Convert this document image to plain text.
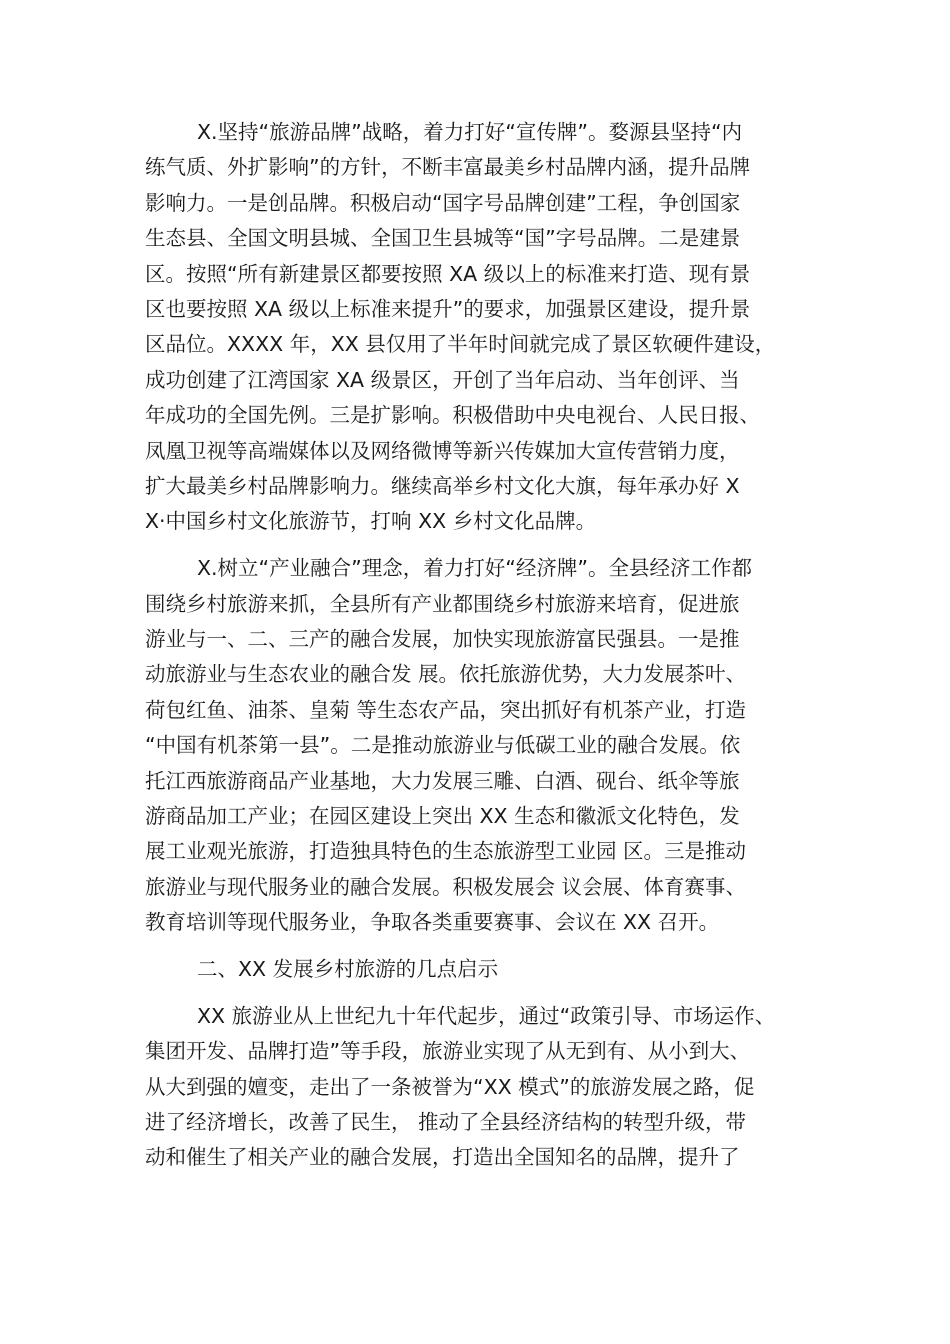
X.坚持“旅游品牌”战略，着力打好“宣传牌”。婺源县坚持“内
练气质、外扩影响”的方针，不断丰富最美乡村品牌内涵，提升品牌
影响力。一是创品牌。积极启动“国字号品牌创建”工程，争创国家
生态县、全国文明县城、全国卫生县城等“国”字号品牌。二是建景
区。按照“所有新建景区都要按照 XA 级以上的标准来打造、现有景
区也要按照 XA 级以上标准来提升”的要求，加强景区建设，提升景
区品位。XXXX 年，XX 县仅用了半年时间就完成了景区软硬件建设，
成功创建了江湾国家 XA 级景区，开创了当年启动、当年创评、当
年成功的全国先例。三是扩影响。积极借助中央电视台、人民日报、
凤凰卫视等高端媒体以及网络微博等新兴传媒加大宣传营销力度，
扩大最美乡村品牌影响力。继续高举乡村文化大旗，每年承办好 X
X·中国乡村文化旅游节，打响 XX 乡村文化品牌。

X.树立“产业融合”理念，着力打好“经济牌”。全县经济工作都
围绕乡村旅游来抓，全县所有产业都围绕乡村旅游来培育，促进旅
游业与一、二、三产的融合发展，加快实现旅游富民强县。一是推
动旅游业与生态农业的融合发 展。依托旅游优势，大力发展茶叶、
荷包红鱼、油茶、皇菊 等生态农产品，突出抓好有机茶产业，打造
“中国有机茶第一县”。二是推动旅游业与低碳工业的融合发展。依
托江西旅游商品产业基地，大力发展三雕、白酒、砚台、纸伞等旅
游商品加工产业；在园区建设上突出 XX 生态和徽派文化特色，发
展工业观光旅游，打造独具特色的生态旅游型工业园 区。三是推动
旅游业与现代服务业的融合发展。积极发展会 议会展、体育赛事、
教育培训等现代服务业，争取各类重要赛事、会议在 XX 召开。

二、XX 发展乡村旅游的几点启示

XX 旅游业从上世纪九十年代起步，通过“政策引导、市场运作、
集团开发、品牌打造”等手段，旅游业实现了从无到有、从小到大、
从大到强的嬗变，走出了一条被誉为“XX 模式”的旅游发展之路，促
进了经济增长，改善了民生， 推动了全县经济结构的转型升级，带
动和催生了相关产业的融合发展，打造出全国知名的品牌，提升了
